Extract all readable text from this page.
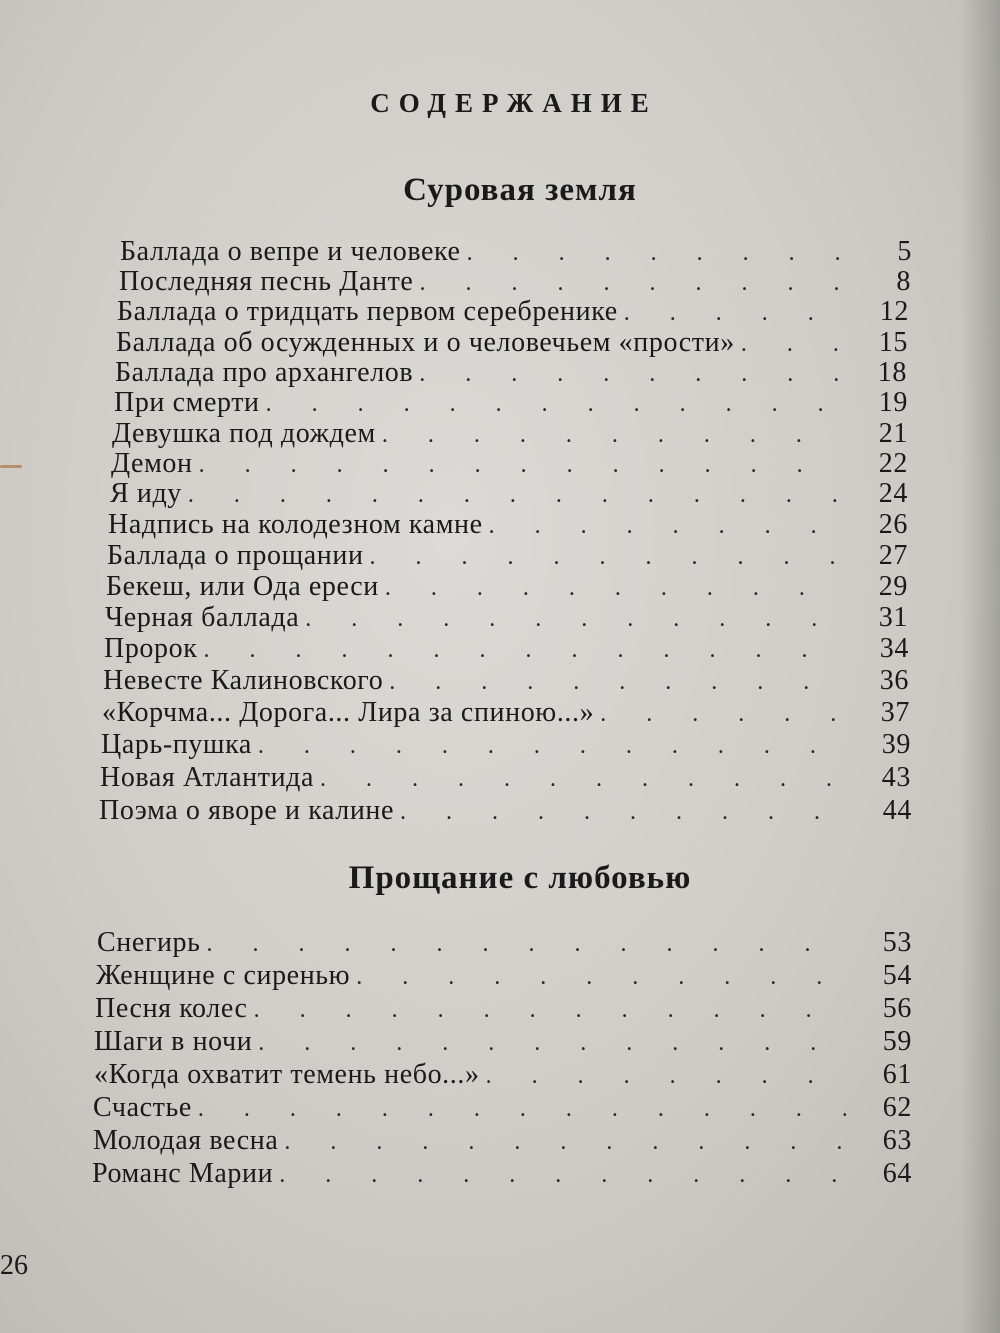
СОДЕРЖАНИЕ
Суровая земля
Баллада о вепре и человеке . . .	5
Последняя песнь Данте . . .	8
Баллада о тридцать первом серебренике . . .	12
Баллада об осужденных и о человечьем «прости» . . .	15
Баллада про архангелов . . .	18
При смерти . . .	19
Девушка под дождем . . .	21
Демон . . .	22
Я иду . . .	24
Надпись на колодезном камне . . .	26
Баллада о прощании . . .	27
Бекеш, или Ода ереси . . .	29
Черная баллада . . .	31
Пророк . . .	34
Невесте Калиновского . . .	36
«Корчма... Дорога... Лира за спиною...» . . .	37
Царь-пушка . . .	39
Новая Атлантида . . .	43
Поэма о яворе и калине . . .	44
Прощание с любовью
Снегирь . . .	53
Женщине с сиренью . . .	54
Песня колес . . .	56
Шаги в ночи . . .	59
«Когда охватит темень небо...» . . .	61
Счастье . . .	62
Молодая весна . . .	63
Романс Марии . . .	64
26
